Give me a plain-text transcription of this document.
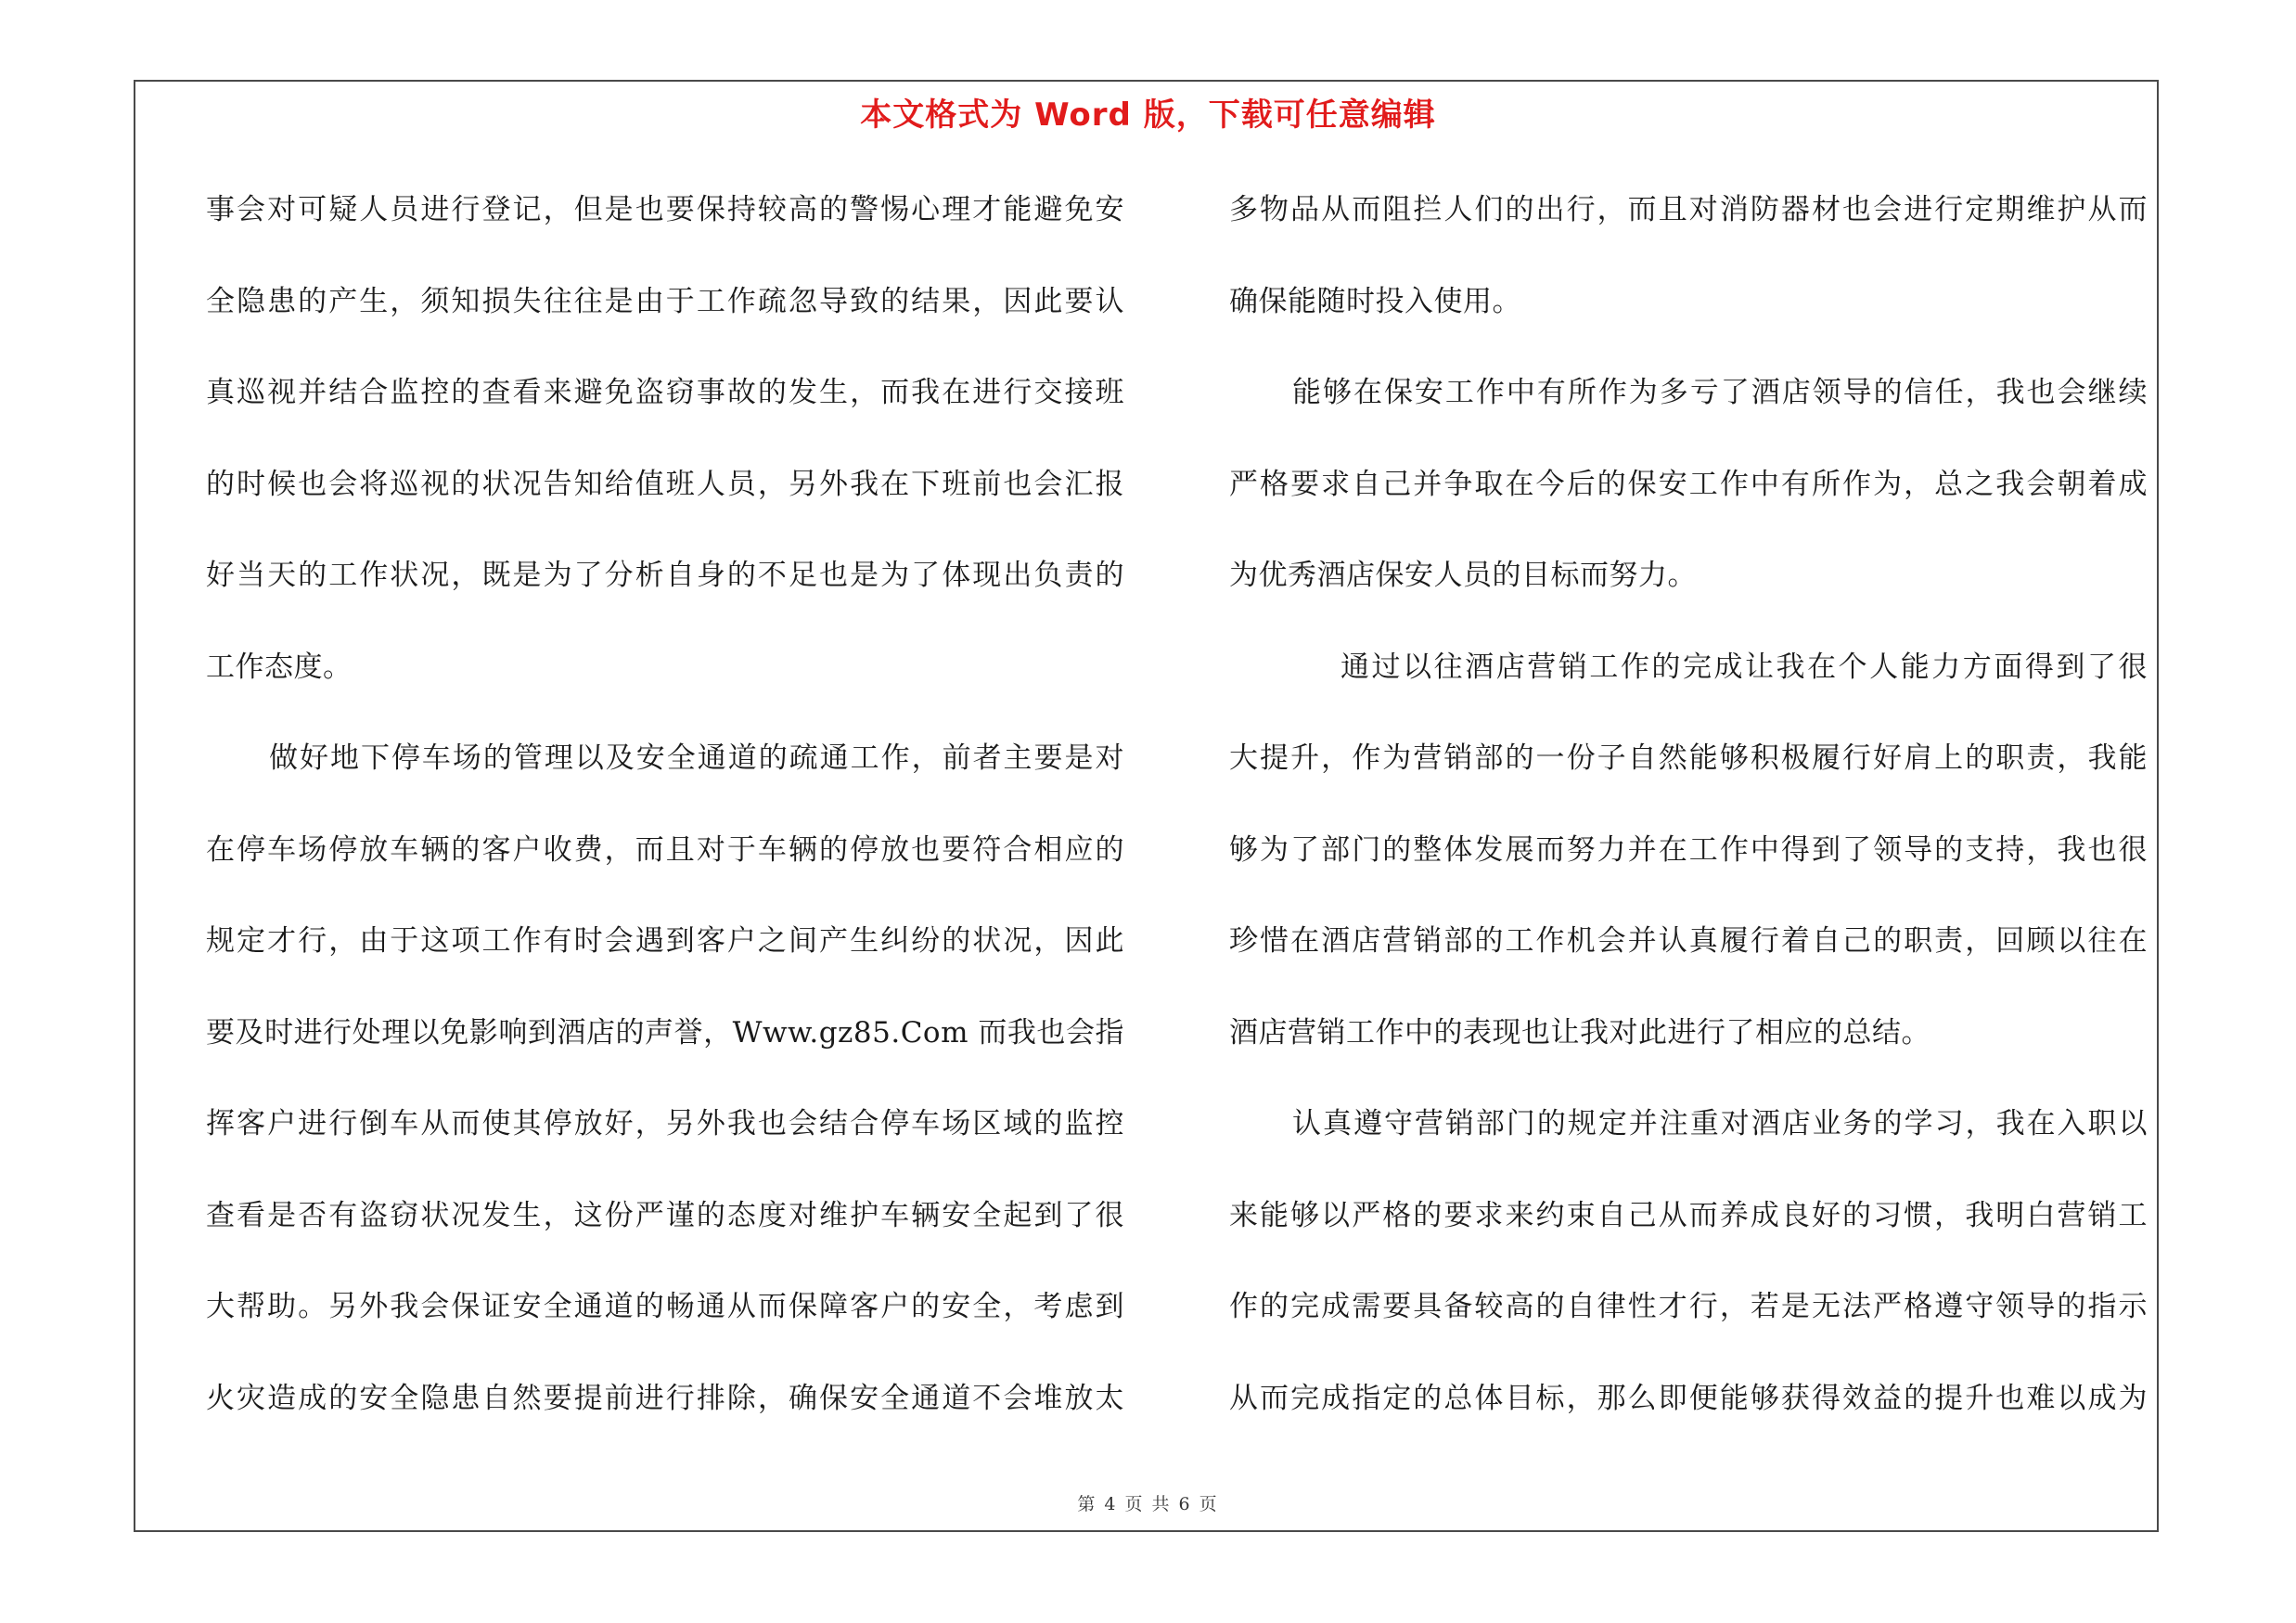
本文格式为 Word 版，下载可任意编辑
事会对可疑人员进行登记，但是也要保持较高的警惕心理才能避免安
全隐患的产生，须知损失往往是由于工作疏忽导致的结果，因此要认
真巡视并结合监控的查看来避免盗窃事故的发生，而我在进行交接班
的时候也会将巡视的状况告知给值班人员，另外我在下班前也会汇报
好当天的工作状况，既是为了分析自身的不足也是为了体现出负责的
工作态度。
做好地下停车场的管理以及安全通道的疏通工作，前者主要是对
在停车场停放车辆的客户收费，而且对于车辆的停放也要符合相应的
规定才行，由于这项工作有时会遇到客户之间产生纠纷的状况，因此
要及时进行处理以免影响到酒店的声誉，Www.gz85.Com 而我也会指
挥客户进行倒车从而使其停放好，另外我也会结合停车场区域的监控
查看是否有盗窃状况发生，这份严谨的态度对维护车辆安全起到了很
大帮助。另外我会保证安全通道的畅通从而保障客户的安全，考虑到
火灾造成的安全隐患自然要提前进行排除，确保安全通道不会堆放太
多物品从而阻拦人们的出行，而且对消防器材也会进行定期维护从而
确保能随时投入使用。
能够在保安工作中有所作为多亏了酒店领导的信任，我也会继续
严格要求自己并争取在今后的保安工作中有所作为，总之我会朝着成
为优秀酒店保安人员的目标而努力。
通过以往酒店营销工作的完成让我在个人能力方面得到了很
大提升，作为营销部的一份子自然能够积极履行好肩上的职责，我能
够为了部门的整体发展而努力并在工作中得到了领导的支持，我也很
珍惜在酒店营销部的工作机会并认真履行着自己的职责，回顾以往在
酒店营销工作中的表现也让我对此进行了相应的总结。
认真遵守营销部门的规定并注重对酒店业务的学习，我在入职以
来能够以严格的要求来约束自己从而养成良好的习惯，我明白营销工
作的完成需要具备较高的自律性才行，若是无法严格遵守领导的指示
从而完成指定的总体目标，那么即便能够获得效益的提升也难以成为
第 4 页 共 6 页
